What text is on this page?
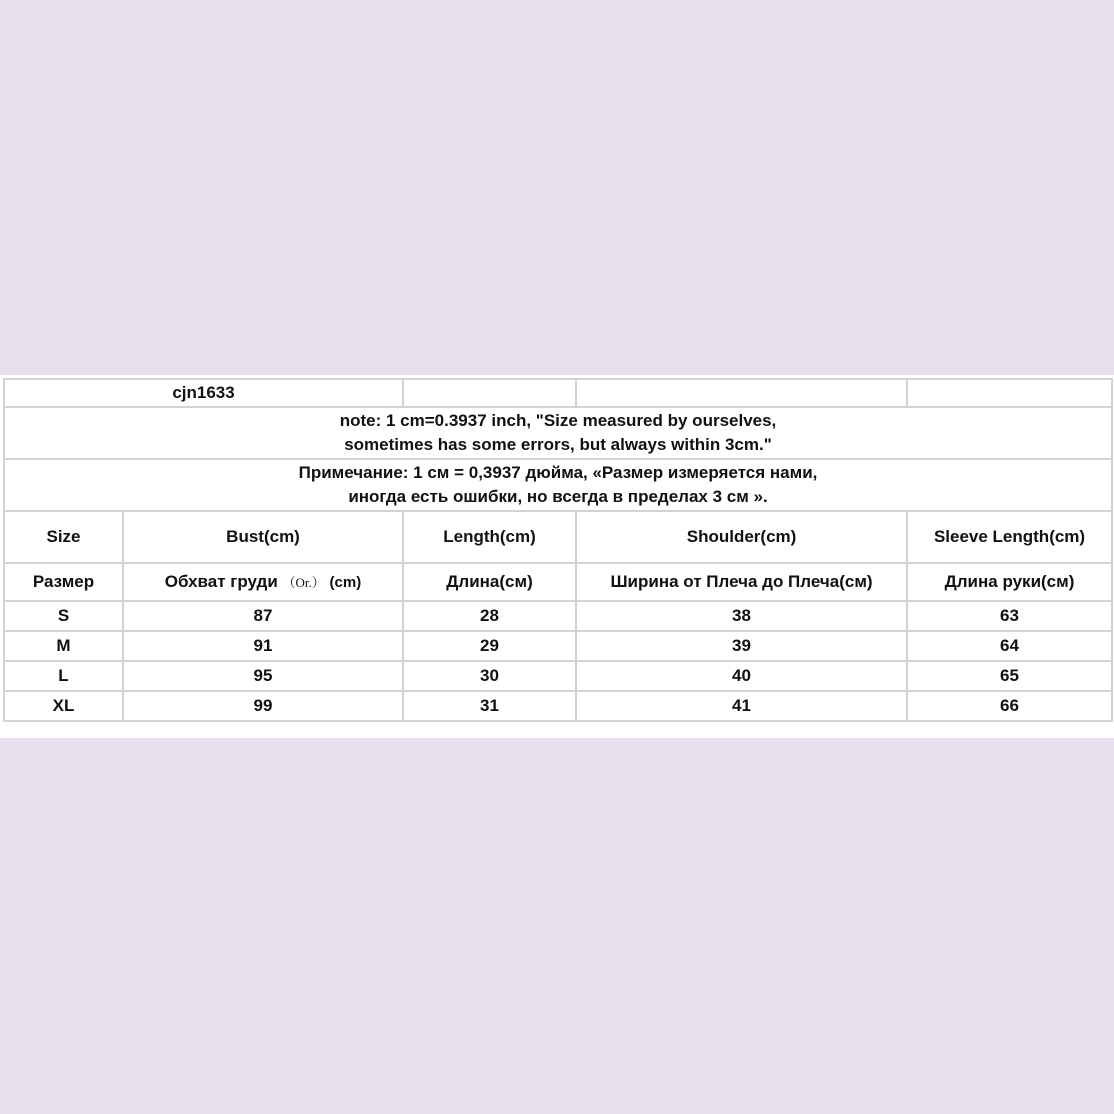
cjn1633				

note: 1 cm=0.3937 inch, "Size measured by ourselves,
sometimes has some errors, but always within 3cm."				

Примечание: 1 см = 0,3937 дюйма, «Размер измеряется нами,
иногда есть ошибки, но всегда в пределах 3 см ».				

Size	Bust(cm)	Length(cm)	Shoulder(cm)	Sleeve Length(cm)
Размер	Обхват груди （Or.） (cm)	Длина(см)	Ширина от Плеча до Плеча(см)	Длина руки(см)
S	87	28	38	63
M	91	29	39	64
L	95	30	40	65
XL	99	31	41	66
